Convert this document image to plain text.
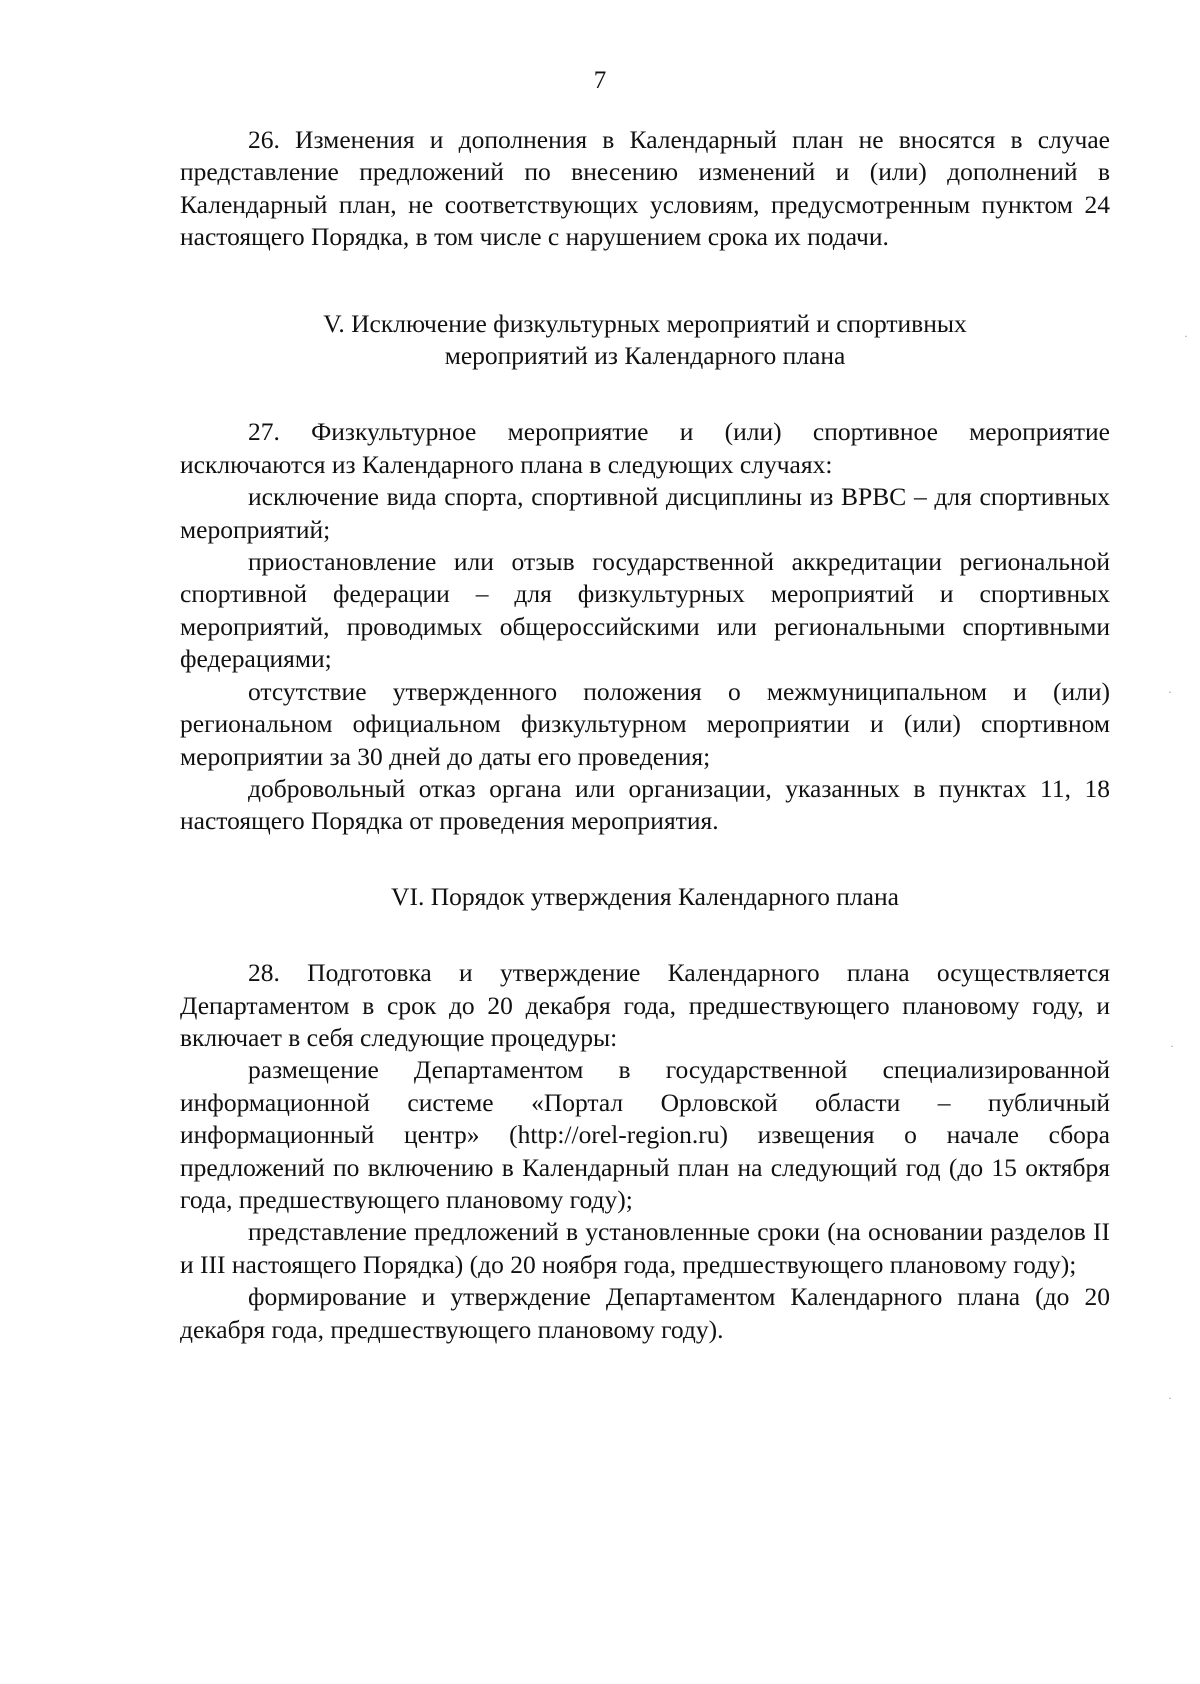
7

26. Изменения и дополнения в Календарный план не вносятся в случае представление предложений по внесению изменений и (или) дополнений в Календарный план, не соответствующих условиям, предусмотренным пунктом 24 настоящего Порядка, в том числе с нарушением срока их подачи.

V. Исключение физкультурных мероприятий и спортивных
мероприятий из Календарного плана

27. Физкультурное мероприятие и (или) спортивное мероприятие исключаются из Календарного плана в следующих случаях:

исключение вида спорта, спортивной дисциплины из ВРВС – для спортивных мероприятий;

приостановление или отзыв государственной аккредитации региональной спортивной федерации – для физкультурных мероприятий и спортивных мероприятий, проводимых общероссийскими или региональными спортивными федерациями;

отсутствие утвержденного положения о межмуниципальном и (или) региональном официальном физкультурном мероприятии и (или) спортивном мероприятии за 30 дней до даты его проведения;

добровольный отказ органа или организации, указанных в пунктах 11, 18 настоящего Порядка от проведения мероприятия.

VI. Порядок утверждения Календарного плана

28. Подготовка и утверждение Календарного плана осуществляется Департаментом в срок до 20 декабря года, предшествующего плановому году, и включает в себя следующие процедуры:

размещение Департаментом в государственной специализированной информационной системе «Портал Орловской области – публичный информационный центр» (http://orel-region.ru) извещения о начале сбора предложений по включению в Календарный план на следующий год (до 15 октября года, предшествующего плановому году);

представление предложений в установленные сроки (на основании разделов II и III настоящего Порядка) (до 20 ноября года, предшествующего плановому году);

формирование и утверждение Департаментом Календарного плана (до 20 декабря года, предшествующего плановому году).

·
·
·
·
